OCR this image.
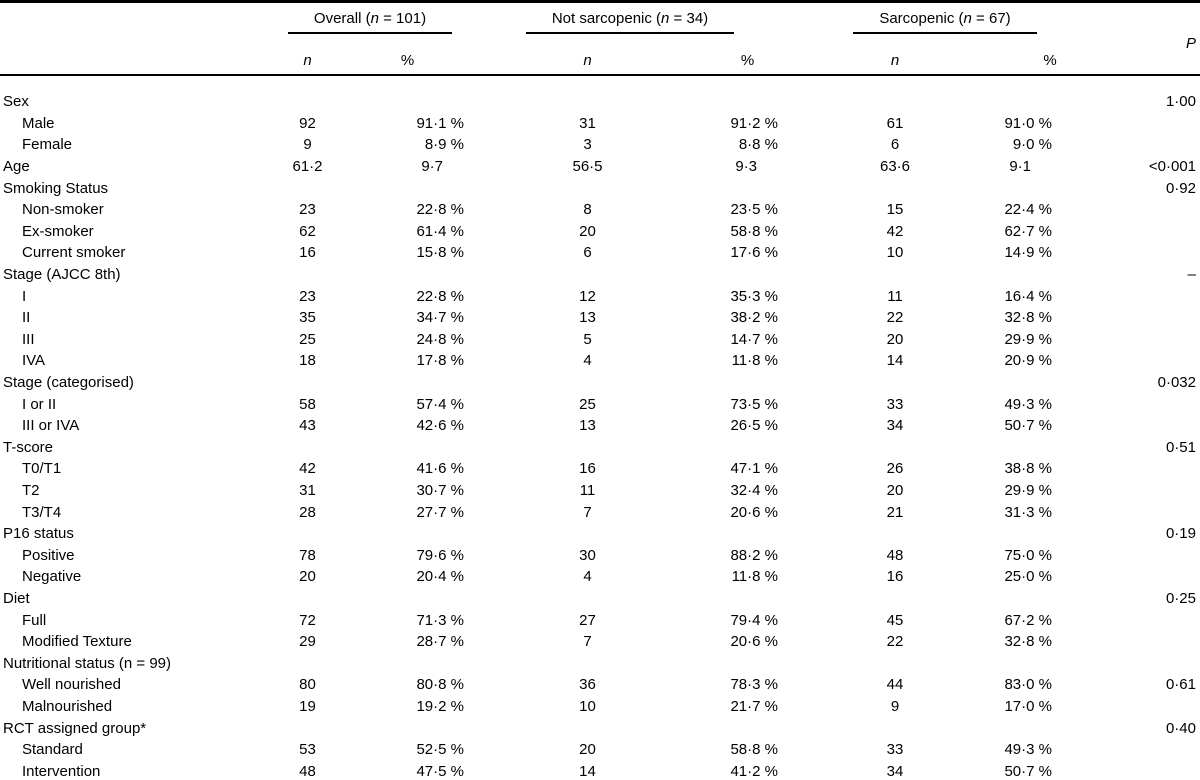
	Overall (n = 101)		Not sarcopenic (n = 34)		Sarcopenic (n = 67)		P
	n	%	n	%	n	%	
Sex							1·00
Male	92	91·1 %	31	91·2 %	61	91·0 %	
Female	9	8·9 %	3	8·8 %	6	9·0 %	
Age	61·2	9·7	56·5	9·3	63·6	9·1	<0·001
Smoking Status							0·92
Non-smoker	23	22·8 %	8	23·5 %	15	22·4 %	
Ex-smoker	62	61·4 %	20	58·8 %	42	62·7 %	
Current smoker	16	15·8 %	6	17·6 %	10	14·9 %	
Stage (AJCC 8th)							–
I	23	22·8 %	12	35·3 %	11	16·4 %	
II	35	34·7 %	13	38·2 %	22	32·8 %	
III	25	24·8 %	5	14·7 %	20	29·9 %	
IVA	18	17·8 %	4	11·8 %	14	20·9 %	
Stage (categorised)							0·032
I or II	58	57·4 %	25	73·5 %	33	49·3 %	
III or IVA	43	42·6 %	13	26·5 %	34	50·7 %	
T-score							0·51
T0/T1	42	41·6 %	16	47·1 %	26	38·8 %	
T2	31	30·7 %	11	32·4 %	20	29·9 %	
T3/T4	28	27·7 %	7	20·6 %	21	31·3 %	
P16 status							0·19
Positive	78	79·6 %	30	88·2 %	48	75·0 %	
Negative	20	20·4 %	4	11·8 %	16	25·0 %	
Diet							0·25
Full	72	71·3 %	27	79·4 %	45	67·2 %	
Modified Texture	29	28·7 %	7	20·6 %	22	32·8 %	
Nutritional status (n = 99)							
Well nourished	80	80·8 %	36	78·3 %	44	83·0 %	0·61
Malnourished	19	19·2 %	10	21·7 %	9	17·0 %	
RCT assigned group*							0·40
Standard	53	52·5 %	20	58·8 %	33	49·3 %	
Intervention	48	47·5 %	14	41·2 %	34	50·7 %	
